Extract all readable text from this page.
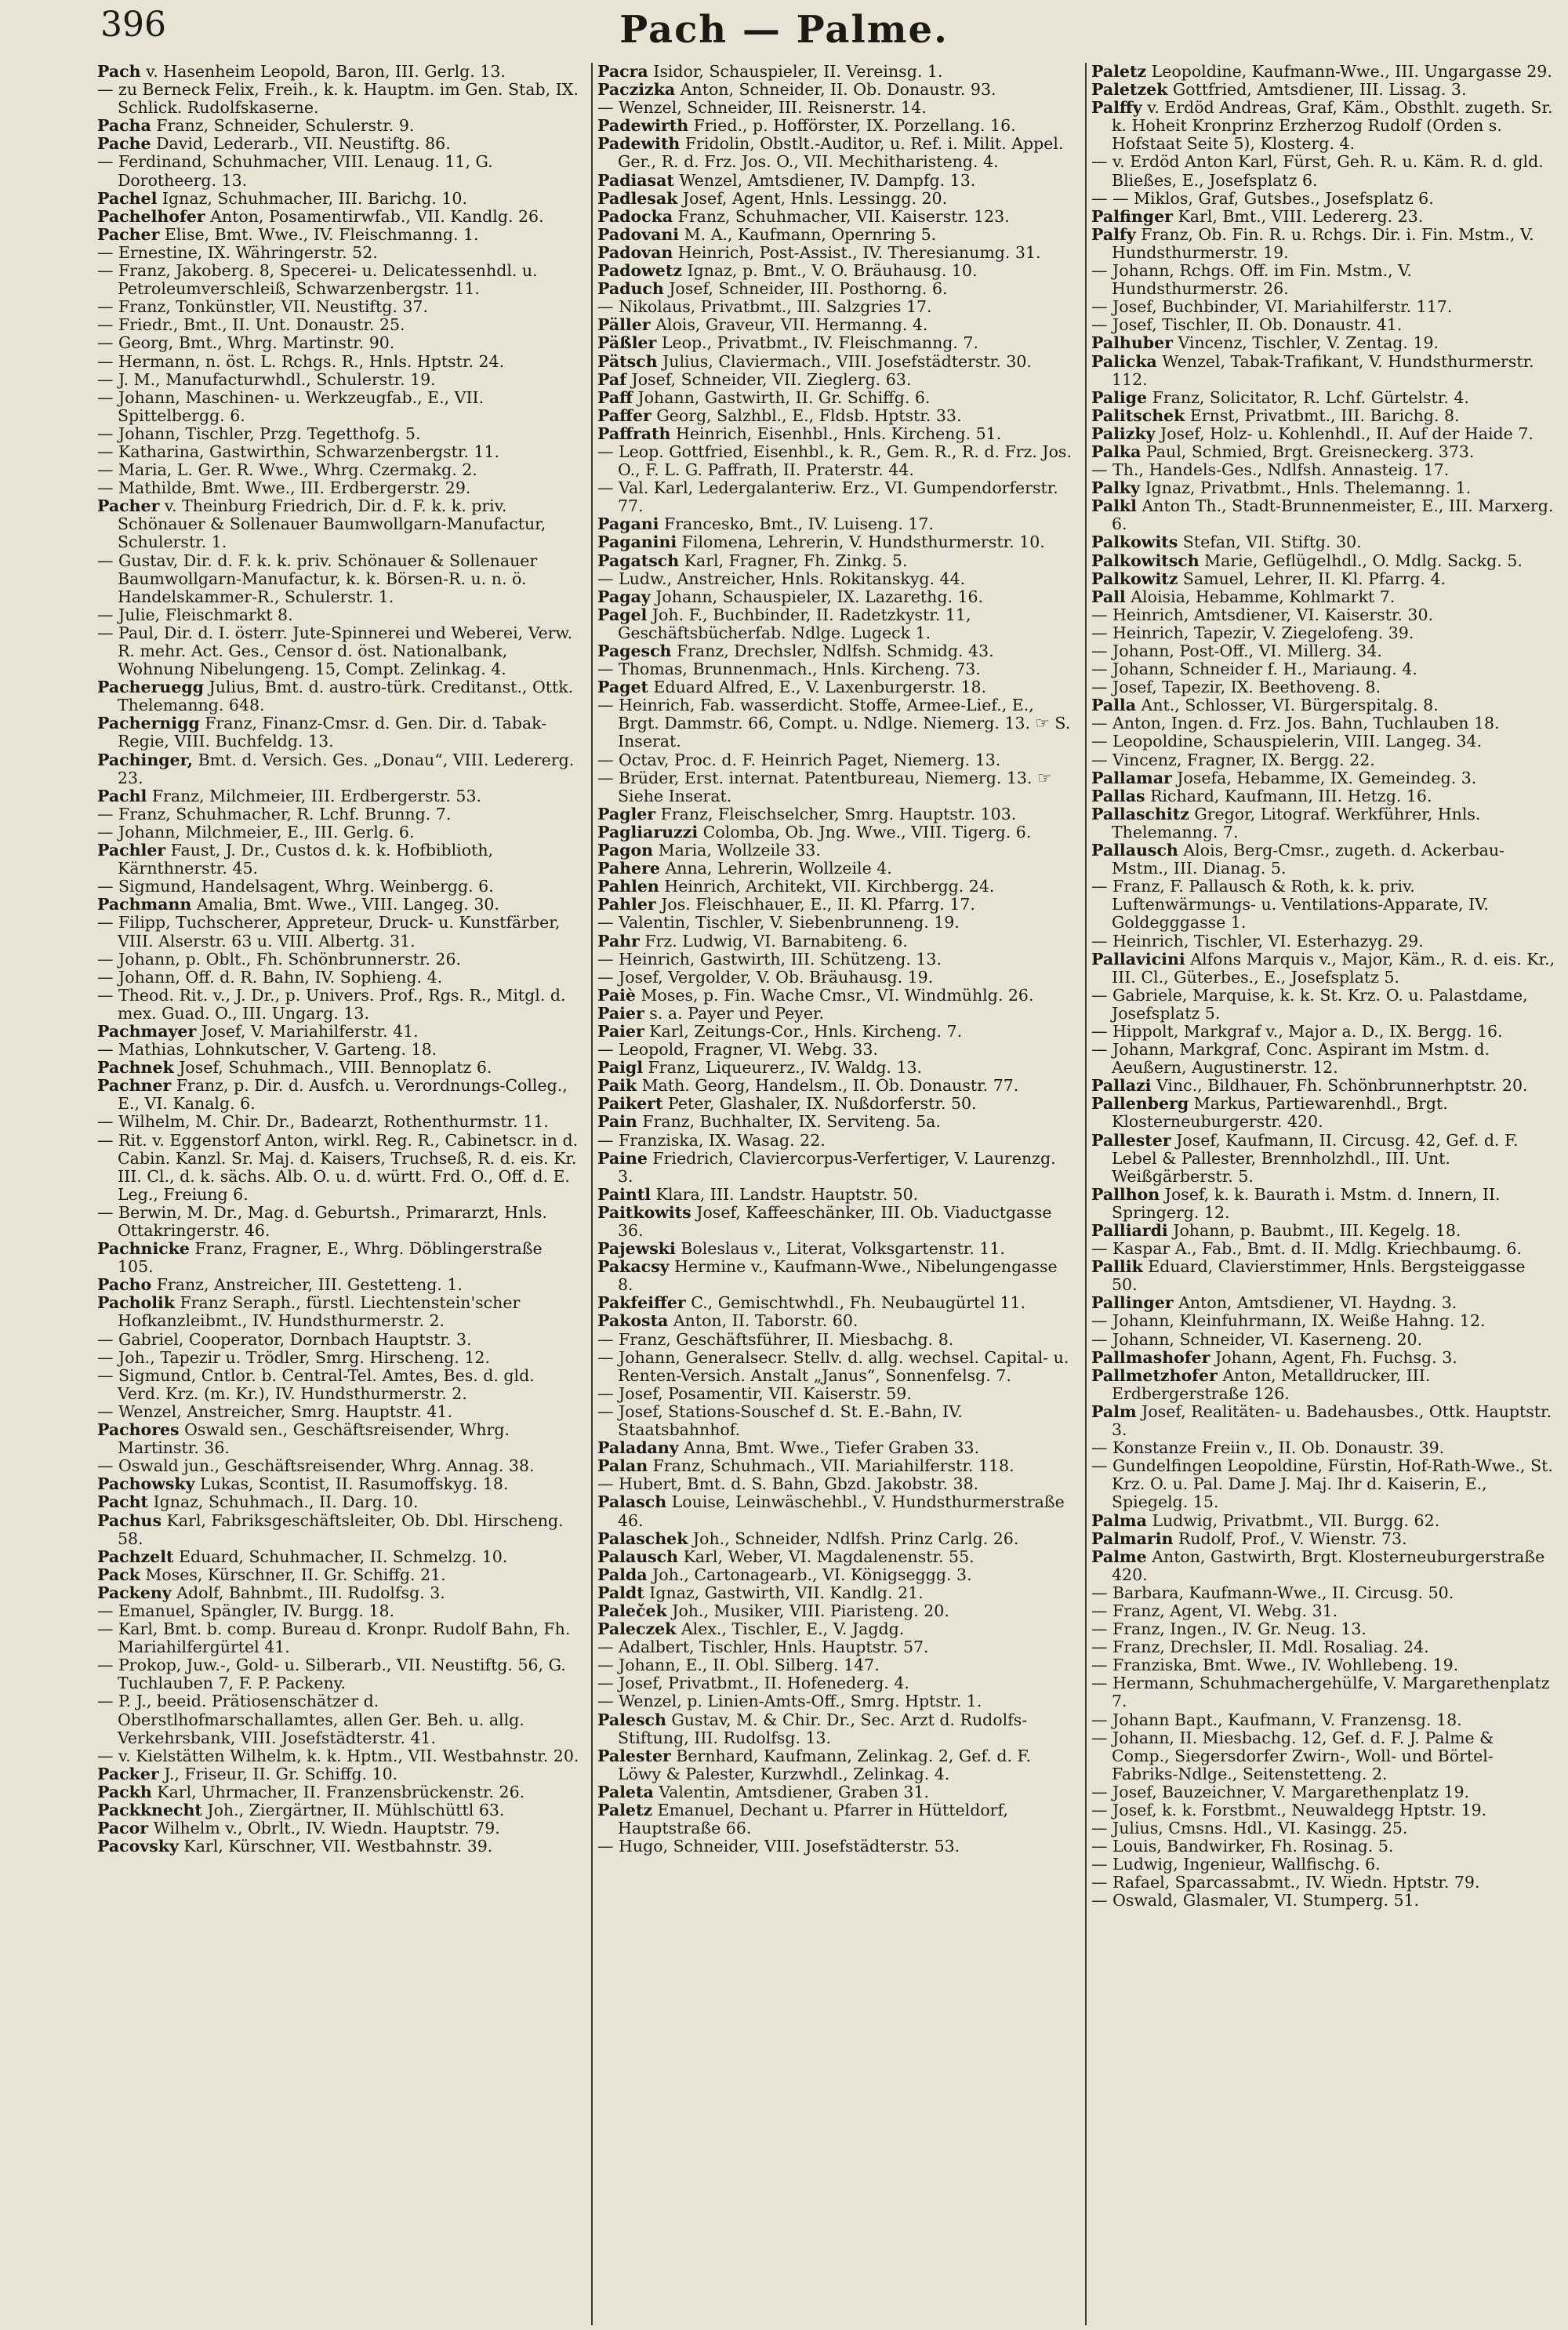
396	Pach — Palme.
Pach v. Hasenheim Leopold, Baron, III. Gerlg. 13.
— zu Berneck Felix, Freih., k. k. Hauptm. im Gen. Stab, IX. Schlick. Rudolfskaserne.
Pacha Franz, Schneider, Schulerstr. 9.
Pache David, Lederarb., VII. Neustiftg. 86.
— Ferdinand, Schuhmacher, VIII. Lenaug. 11, G. Dorotheerg. 13.
Pachel Ignaz, Schuhmacher, III. Barichg. 10.
Pachelhofer Anton, Posamentirwfab., VII. Kandlg. 26.
Pacher Elise, Bmt. Wwe., IV. Fleischmanng. 1.
— Ernestine, IX. Währingerstr. 52.
— Franz, Jakoberg. 8, Specerei- u. Delicatessenhdl. u. Petroleumverschleiß, Schwarzenbergstr. 11.
— Franz, Tonkünstler, VII. Neustiftg. 37.
— Friedr., Bmt., II. Unt. Donaustr. 25.
— Georg, Bmt., Whrg. Martinstr. 90.
— Hermann, n. öst. L. Rchgs. R., Hnls. Hptstr. 24.
— J. M., Manufacturwhdl., Schulerstr. 19.
— Johann, Maschinen- u. Werkzeugfab., E., VII. Spittelbergg. 6.
— Johann, Tischler, Przg. Tegetthofg. 5.
— Katharina, Gastwirthin, Schwarzenbergstr. 11.
— Maria, L. Ger. R. Wwe., Whrg. Czermakg. 2.
— Mathilde, Bmt. Wwe., III. Erdbergerstr. 29.
Pacher v. Theinburg Friedrich, Dir. d. F. k. k. priv. Schönauer & Sollenauer Baumwollgarn-Manufactur, Schulerstr. 1.
— Gustav, Dir. d. F. k. k. priv. Schönauer & Sollenauer Baumwollgarn-Manufactur, k. k. Börsen-R. u. n. ö. Handelskammer-R., Schulerstr. 1.
— Julie, Fleischmarkt 8.
— Paul, Dir. d. I. österr. Jute-Spinnerei und Weberei, Verw. R. mehr. Act. Ges., Censor d. öst. Nationalbank, Wohnung Nibelungeng. 15, Compt. Zelinkag. 4.
Pacheruegg Julius, Bmt. d. austro-türk. Creditanst., Ottk. Thelemanng. 648.
Pachernigg Franz, Finanz-Cmsr. d. Gen. Dir. d. Tabak-Regie, VIII. Buchfeldg. 13.
Pachinger, Bmt. d. Versich. Ges. „Donau“, VIII. Ledererg. 23.
Pachl Franz, Milchmeier, III. Erdbergerstr. 53.
— Franz, Schuhmacher, R. Lchf. Brunng. 7.
— Johann, Milchmeier, E., III. Gerlg. 6.
Pachler Faust, J. Dr., Custos d. k. k. Hofbiblioth, Kärnthnerstr. 45.
— Sigmund, Handelsagent, Whrg. Weinbergg. 6.
Pachmann Amalia, Bmt. Wwe., VIII. Langeg. 30.
— Filipp, Tuchscherer, Appreteur, Druck- u. Kunstfärber, VIII. Alserstr. 63 u. VIII. Albertg. 31.
— Johann, p. Oblt., Fh. Schönbrunnerstr. 26.
— Johann, Off. d. R. Bahn, IV. Sophieng. 4.
— Theod. Rit. v., J. Dr., p. Univers. Prof., Rgs. R., Mitgl. d. mex. Guad. O., III. Ungarg. 13.
Pachmayer Josef, V. Mariahilferstr. 41.
— Mathias, Lohnkutscher, V. Garteng. 18.
Pachnek Josef, Schuhmach., VIII. Bennoplatz 6.
Pachner Franz, p. Dir. d. Ausfch. u. Verordnungs-Colleg., E., VI. Kanalg. 6.
— Wilhelm, M. Chir. Dr., Badearzt, Rothenthurmstr. 11.
— Rit. v. Eggenstorf Anton, wirkl. Reg. R., Cabinetscr. in d. Cabin. Kanzl. Sr. Maj. d. Kaisers, Truchseß, R. d. eis. Kr. III. Cl., d. k. sächs. Alb. O. u. d. württ. Frd. O., Off. d. E. Leg., Freiung 6.
— Berwin, M. Dr., Mag. d. Geburtsh., Primararzt, Hnls. Ottakringerstr. 46.
Pachnicke Franz, Fragner, E., Whrg. Döblingerstraße 105.
Pacho Franz, Anstreicher, III. Gestetteng. 1.
Pacholik Franz Seraph., fürstl. Liechtenstein'scher Hofkanzleibmt., IV. Hundsthurmerstr. 2.
— Gabriel, Cooperator, Dornbach Hauptstr. 3.
— Joh., Tapezir u. Trödler, Smrg. Hirscheng. 12.
— Sigmund, Cntlor. b. Central-Tel. Amtes, Bes. d. gld. Verd. Krz. (m. Kr.), IV. Hundsthurmerstr. 2.
— Wenzel, Anstreicher, Smrg. Hauptstr. 41.
Pachores Oswald sen., Geschäftsreisender, Whrg. Martinstr. 36.
— Oswald jun., Geschäftsreisender, Whrg. Annag. 38.
Pachowsky Lukas, Scontist, II. Rasumoffskyg. 18.
Pacht Ignaz, Schuhmach., II. Darg. 10.
Pachus Karl, Fabriksgeschäftsleiter, Ob. Dbl. Hirscheng. 58.
Pachzelt Eduard, Schuhmacher, II. Schmelzg. 10.
Pack Moses, Kürschner, II. Gr. Schiffg. 21.
Packeny Adolf, Bahnbmt., III. Rudolfsg. 3.
— Emanuel, Spängler, IV. Burgg. 18.
— Karl, Bmt. b. comp. Bureau d. Kronpr. Rudolf Bahn, Fh. Mariahilfergürtel 41.
— Prokop, Juw.-, Gold- u. Silberarb., VII. Neustiftg. 56, G. Tuchlauben 7, F. P. Packeny.
— P. J., beeid. Prätiosenschätzer d. Oberstlhofmarschallamtes, allen Ger. Beh. u. allg. Verkehrsbank, VIII. Josefstädterstr. 41.
— v. Kielstätten Wilhelm, k. k. Hptm., VII. Westbahnstr. 20.
Packer J., Friseur, II. Gr. Schiffg. 10.
Packh Karl, Uhrmacher, II. Franzensbrückenstr. 26.
Packknecht Joh., Ziergärtner, II. Mühlschüttl 63.
Pacor Wilhelm v., Obrlt., IV. Wiedn. Hauptstr. 79.
Pacovsky Karl, Kürschner, VII. Westbahnstr. 39.
Pacra Isidor, Schauspieler, II. Vereinsg. 1.
Paczizka Anton, Schneider, II. Ob. Donaustr. 93.
— Wenzel, Schneider, III. Reisnerstr. 14.
Padewirth Fried., p. Hofförster, IX. Porzellang. 16.
Padewith Fridolin, Obstlt.-Auditor, u. Ref. i. Milit. Appel. Ger., R. d. Frz. Jos. O., VII. Mechitharisteng. 4.
Padiasat Wenzel, Amtsdiener, IV. Dampfg. 13.
Padlesak Josef, Agent, Hnls. Lessingg. 20.
Padocka Franz, Schuhmacher, VII. Kaiserstr. 123.
Padovani M. A., Kaufmann, Opernring 5.
Padovan Heinrich, Post-Assist., IV. Theresianumg. 31.
Padowetz Ignaz, p. Bmt., V. O. Bräuhausg. 10.
Paduch Josef, Schneider, III. Posthorng. 6.
— Nikolaus, Privatbmt., III. Salzgries 17.
Päller Alois, Graveur, VII. Hermanng. 4.
Päßler Leop., Privatbmt., IV. Fleischmanng. 7.
Pätsch Julius, Claviermach., VIII. Josefstädterstr. 30.
Paf Josef, Schneider, VII. Zieglerg. 63.
Paff Johann, Gastwirth, II. Gr. Schiffg. 6.
Paffer Georg, Salzhbl., E., Fldsb. Hptstr. 33.
Paffrath Heinrich, Eisenhbl., Hnls. Kircheng. 51.
— Leop. Gottfried, Eisenhbl., k. R., Gem. R., R. d. Frz. Jos. O., F. L. G. Paffrath, II. Praterstr. 44.
— Val. Karl, Ledergalanteriw. Erz., VI. Gumpendorferstr. 77.
Pagani Francesko, Bmt., IV. Luiseng. 17.
Paganini Filomena, Lehrerin, V. Hundsthurmerstr. 10.
Pagatsch Karl, Fragner, Fh. Zinkg. 5.
— Ludw., Anstreicher, Hnls. Rokitanskyg. 44.
Pagay Johann, Schauspieler, IX. Lazarethg. 16.
Pagel Joh. F., Buchbinder, II. Radetzkystr. 11, Geschäftsbücherfab. Ndlge. Lugeck 1.
Pagesch Franz, Drechsler, Ndlfsh. Schmidg. 43.
— Thomas, Brunnenmach., Hnls. Kircheng. 73.
Paget Eduard Alfred, E., V. Laxenburgerstr. 18.
— Heinrich, Fab. wasserdicht. Stoffe, Armee-Lief., E., Brgt. Dammstr. 66, Compt. u. Ndlge. Niemerg. 13. ☞ S. Inserat.
— Octav, Proc. d. F. Heinrich Paget, Niemerg. 13.
— Brüder, Erst. internat. Patentbureau, Niemerg. 13. ☞ Siehe Inserat.
Pagler Franz, Fleischselcher, Smrg. Hauptstr. 103.
Pagliaruzzi Colomba, Ob. Jng. Wwe., VIII. Tigerg. 6.
Pagon Maria, Wollzeile 33.
Pahere Anna, Lehrerin, Wollzeile 4.
Pahlen Heinrich, Architekt, VII. Kirchbergg. 24.
Pahler Jos. Fleischhauer, E., II. Kl. Pfarrg. 17.
— Valentin, Tischler, V. Siebenbrunneng. 19.
Pahr Frz. Ludwig, VI. Barnabiteng. 6.
— Heinrich, Gastwirth, III. Schützeng. 13.
— Josef, Vergolder, V. Ob. Bräuhausg. 19.
Paiè Moses, p. Fin. Wache Cmsr., VI. Windmühlg. 26.
Paier s. a. Payer und Peyer.
Paier Karl, Zeitungs-Cor., Hnls. Kircheng. 7.
— Leopold, Fragner, VI. Webg. 33.
Paigl Franz, Liqueurerz., IV. Waldg. 13.
Paik Math. Georg, Handelsm., II. Ob. Donaustr. 77.
Paikert Peter, Glashaler, IX. Nußdorferstr. 50.
Pain Franz, Buchhalter, IX. Serviteng. 5a.
— Franziska, IX. Wasag. 22.
Paine Friedrich, Claviercorpus-Verfertiger, V. Laurenzg. 3.
Paintl Klara, III. Landstr. Hauptstr. 50.
Paitkowits Josef, Kaffeeschänker, III. Ob. Viaductgasse 36.
Pajewski Boleslaus v., Literat, Volksgartenstr. 11.
Pakacsy Hermine v., Kaufmann-Wwe., Nibelungengasse 8.
Pakfeiffer C., Gemischtwhdl., Fh. Neubaugürtel 11.
Pakosta Anton, II. Taborstr. 60.
— Franz, Geschäftsführer, II. Miesbachg. 8.
— Johann, Generalsecr. Stellv. d. allg. wechsel. Capital- u. Renten-Versich. Anstalt „Janus“, Sonnenfelsg. 7.
— Josef, Posamentir, VII. Kaiserstr. 59.
— Josef, Stations-Souschef d. St. E.-Bahn, IV. Staatsbahnhof.
Paladany Anna, Bmt. Wwe., Tiefer Graben 33.
Palan Franz, Schuhmach., VII. Mariahilferstr. 118.
— Hubert, Bmt. d. S. Bahn, Gbzd. Jakobstr. 38.
Palasch Louise, Leinwäschehbl., V. Hundsthurmerstraße 46.
Palaschek Joh., Schneider, Ndlfsh. Prinz Carlg. 26.
Palausch Karl, Weber, VI. Magdalenenstr. 55.
Palda Joh., Cartonagearb., VI. Königseggg. 3.
Paldt Ignaz, Gastwirth, VII. Kandlg. 21.
Paleček Joh., Musiker, VIII. Piaristeng. 20.
Paleczek Alex., Tischler, E., V. Jagdg.
— Adalbert, Tischler, Hnls. Hauptstr. 57.
— Johann, E., II. Obl. Silberg. 147.
— Josef, Privatbmt., II. Hofenederg. 4.
— Wenzel, p. Linien-Amts-Off., Smrg. Hptstr. 1.
Palesch Gustav, M. & Chir. Dr., Sec. Arzt d. Rudolfs-Stiftung, III. Rudolfsg. 13.
Palester Bernhard, Kaufmann, Zelinkag. 2, Gef. d. F. Löwy & Palester, Kurzwhdl., Zelinkag. 4.
Paleta Valentin, Amtsdiener, Graben 31.
Paletz Emanuel, Dechant u. Pfarrer in Hütteldorf, Hauptstraße 66.
— Hugo, Schneider, VIII. Josefstädterstr. 53.
Paletz Leopoldine, Kaufmann-Wwe., III. Ungargasse 29.
Paletzek Gottfried, Amtsdiener, III. Lissag. 3.
Palffy v. Erdöd Andreas, Graf, Käm., Obsthlt. zugeth. Sr. k. Hoheit Kronprinz Erzherzog Rudolf (Orden s. Hofstaat Seite 5), Klosterg. 4.
— v. Erdöd Anton Karl, Fürst, Geh. R. u. Käm. R. d. gld. Bließes, E., Josefsplatz 6.
— — Miklos, Graf, Gutsbes., Josefsplatz 6.
Palfinger Karl, Bmt., VIII. Ledererg. 23.
Palfy Franz, Ob. Fin. R. u. Rchgs. Dir. i. Fin. Mstm., V. Hundsthurmerstr. 19.
— Johann, Rchgs. Off. im Fin. Mstm., V. Hundsthurmerstr. 26.
— Josef, Buchbinder, VI. Mariahilferstr. 117.
— Josef, Tischler, II. Ob. Donaustr. 41.
Palhuber Vincenz, Tischler, V. Zentag. 19.
Palicka Wenzel, Tabak-Trafikant, V. Hundsthurmerstr. 112.
Palige Franz, Solicitator, R. Lchf. Gürtelstr. 4.
Palitschek Ernst, Privatbmt., III. Barichg. 8.
Palizky Josef, Holz- u. Kohlenhdl., II. Auf der Haide 7.
Palka Paul, Schmied, Brgt. Greisneckerg. 373.
— Th., Handels-Ges., Ndlfsh. Annasteig. 17.
Palky Ignaz, Privatbmt., Hnls. Thelemanng. 1.
Palkl Anton Th., Stadt-Brunnenmeister, E., III. Marxerg. 6.
Palkowits Stefan, VII. Stiftg. 30.
Palkowitsch Marie, Geflügelhdl., O. Mdlg. Sackg. 5.
Palkowitz Samuel, Lehrer, II. Kl. Pfarrg. 4.
Pall Aloisia, Hebamme, Kohlmarkt 7.
— Heinrich, Amtsdiener, VI. Kaiserstr. 30.
— Heinrich, Tapezir, V. Ziegelofeng. 39.
— Johann, Post-Off., VI. Millerg. 34.
— Johann, Schneider f. H., Mariaung. 4.
— Josef, Tapezir, IX. Beethoveng. 8.
Palla Ant., Schlosser, VI. Bürgerspitalg. 8.
— Anton, Ingen. d. Frz. Jos. Bahn, Tuchlauben 18.
— Leopoldine, Schauspielerin, VIII. Langeg. 34.
— Vincenz, Fragner, IX. Bergg. 22.
Pallamar Josefa, Hebamme, IX. Gemeindeg. 3.
Pallas Richard, Kaufmann, III. Hetzg. 16.
Pallaschitz Gregor, Litograf. Werkführer, Hnls. Thelemanng. 7.
Pallausch Alois, Berg-Cmsr., zugeth. d. Ackerbau-Mstm., III. Dianag. 5.
— Franz, F. Pallausch & Roth, k. k. priv. Luftenwärmungs- u. Ventilations-Apparate, IV. Goldegggasse 1.
— Heinrich, Tischler, VI. Esterhazyg. 29.
Pallavicini Alfons Marquis v., Major, Käm., R. d. eis. Kr., III. Cl., Güterbes., E., Josefsplatz 5.
— Gabriele, Marquise, k. k. St. Krz. O. u. Palastdame, Josefsplatz 5.
— Hippolt, Markgraf v., Major a. D., IX. Bergg. 16.
— Johann, Markgraf, Conc. Aspirant im Mstm. d. Aeußern, Augustinerstr. 12.
Pallazi Vinc., Bildhauer, Fh. Schönbrunnerhptstr. 20.
Pallenberg Markus, Partiewarenhdl., Brgt. Klosterneuburgerstr. 420.
Pallester Josef, Kaufmann, II. Circusg. 42, Gef. d. F. Lebel & Pallester, Brennholzhdl., III. Unt. Weißgärberstr. 5.
Pallhon Josef, k. k. Baurath i. Mstm. d. Innern, II. Springerg. 12.
Palliardi Johann, p. Baubmt., III. Kegelg. 18.
— Kaspar A., Fab., Bmt. d. II. Mdlg. Kriechbaumg. 6.
Pallik Eduard, Clavierstimmer, Hnls. Bergsteiggasse 50.
Pallinger Anton, Amtsdiener, VI. Haydng. 3.
— Johann, Kleinfuhrmann, IX. Weiße Hahng. 12.
— Johann, Schneider, VI. Kaserneng. 20.
Pallmashofer Johann, Agent, Fh. Fuchsg. 3.
Pallmetzhofer Anton, Metalldrucker, III. Erdbergerstraße 126.
Palm Josef, Realitäten- u. Badehausbes., Ottk. Hauptstr. 3.
— Konstanze Freiin v., II. Ob. Donaustr. 39.
— Gundelfingen Leopoldine, Fürstin, Hof-Rath-Wwe., St. Krz. O. u. Pal. Dame J. Maj. Ihr d. Kaiserin, E., Spiegelg. 15.
Palma Ludwig, Privatbmt., VII. Burgg. 62.
Palmarin Rudolf, Prof., V. Wienstr. 73.
Palme Anton, Gastwirth, Brgt. Klosterneuburgerstraße 420.
— Barbara, Kaufmann-Wwe., II. Circusg. 50.
— Franz, Agent, VI. Webg. 31.
— Franz, Ingen., IV. Gr. Neug. 13.
— Franz, Drechsler, II. Mdl. Rosaliag. 24.
— Franziska, Bmt. Wwe., IV. Wohllebeng. 19.
— Hermann, Schuhmachergehülfe, V. Margarethenplatz 7.
— Johann Bapt., Kaufmann, V. Franzensg. 18.
— Johann, II. Miesbachg. 12, Gef. d. F. J. Palme & Comp., Siegersdorfer Zwirn-, Woll- und Börtel-Fabriks-Ndlge., Seitenstetteng. 2.
— Josef, Bauzeichner, V. Margarethenplatz 19.
— Josef, k. k. Forstbmt., Neuwaldegg Hptstr. 19.
— Julius, Cmsns. Hdl., VI. Kasingg. 25.
— Louis, Bandwirker, Fh. Rosinag. 5.
— Ludwig, Ingenieur, Wallfischg. 6.
— Rafael, Sparcassabmt., IV. Wiedn. Hptstr. 79.
— Oswald, Glasmaler, VI. Stumperg. 51.
